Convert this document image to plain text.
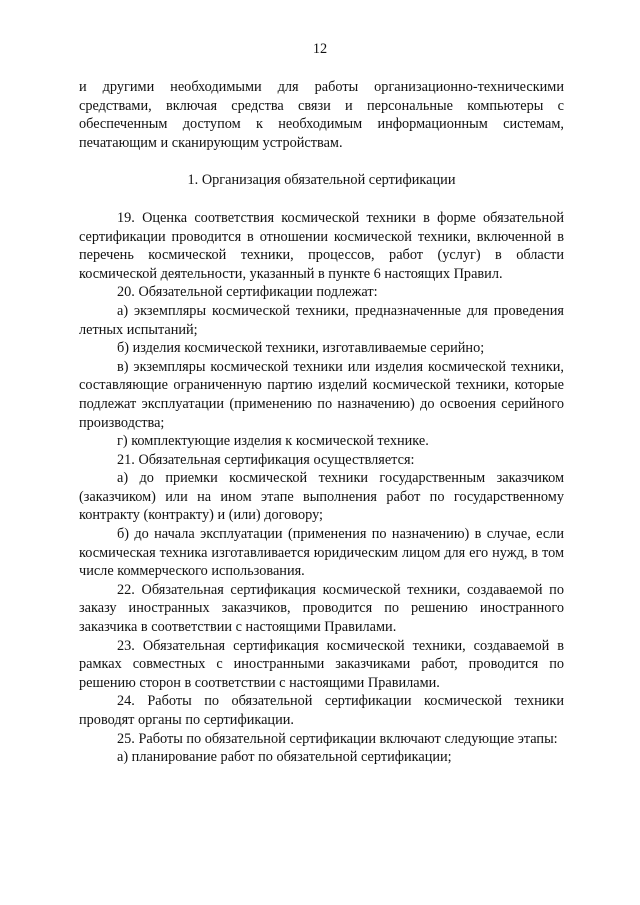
12

и другими необходимыми для работы организационно-техническими средствами, включая средства связи и персональные компьютеры с обеспеченным доступом к необходимым информационным системам, печатающим и сканирующим устройствам.

1. Организация обязательной сертификации

19. Оценка соответствия космической техники в форме обязательной сертификации проводится в отношении космической техники, включенной в перечень космической техники, процессов, работ (услуг) в области космической деятельности, указанный в пункте 6 настоящих Правил.

20. Обязательной сертификации подлежат:

а) экземпляры космической техники, предназначенные для проведения летных испытаний;

б) изделия космической техники, изготавливаемые серийно;

в) экземпляры космической техники или изделия космической техники, составляющие ограниченную партию изделий космической техники, которые подлежат эксплуатации (применению по назначению) до освоения серийного производства;

г) комплектующие изделия к космической технике.

21. Обязательная сертификация осуществляется:

а) до приемки космической техники государственным заказчиком (заказчиком) или на ином этапе выполнения работ по государственному контракту (контракту) и (или) договору;

б) до начала эксплуатации (применения по назначению) в случае, если космическая техника изготавливается юридическим лицом для его нужд, в том числе коммерческого использования.

22. Обязательная сертификация космической техники, создаваемой по заказу иностранных заказчиков, проводится по решению иностранного заказчика в соответствии с настоящими Правилами.

23. Обязательная сертификация космической техники, создаваемой в рамках совместных с иностранными заказчиками работ, проводится по решению сторон в соответствии с настоящими Правилами.

24. Работы по обязательной сертификации космической техники проводят органы по сертификации.

25. Работы по обязательной сертификации включают следующие этапы:

а) планирование работ по обязательной сертификации;
